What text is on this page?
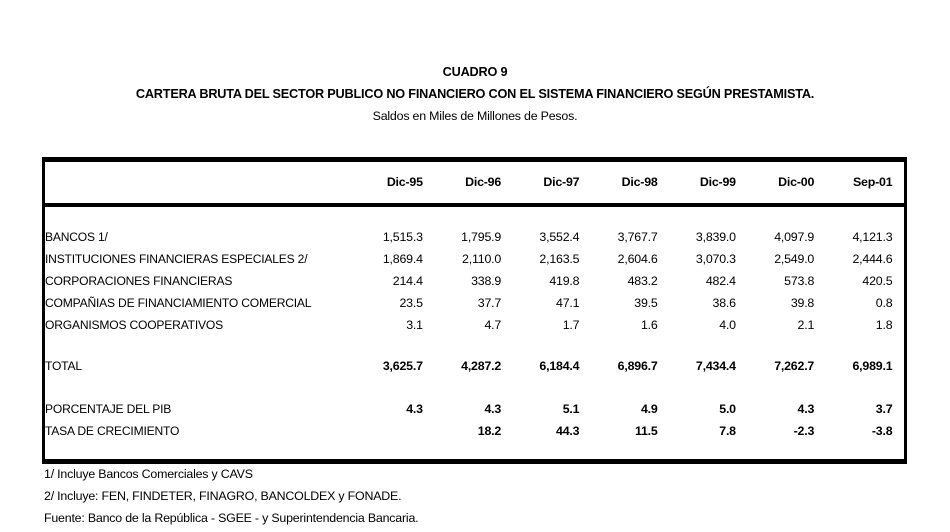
CUADRO 9
CARTERA BRUTA DEL SECTOR PUBLICO NO FINANCIERO CON EL SISTEMA FINANCIERO SEGÚN PRESTAMISTA.
Saldos en Miles de Millones de Pesos.
	Dic-95	Dic-96	Dic-97	Dic-98	Dic-99	Dic-00	Sep-01	

BANCOS 1/	1,515.3	1,795.9	3,552.4	3,767.7	3,839.0	4,097.9	4,121.3	
INSTITUCIONES FINANCIERAS ESPECIALES 2/	1,869.4	2,110.0	2,163.5	2,604.6	3,070.3	2,549.0	2,444.6	
CORPORACIONES FINANCIERAS	214.4	338.9	419.8	483.2	482.4	573.8	420.5	
COMPAÑIAS DE FINANCIAMIENTO COMERCIAL	23.5	37.7	47.1	39.5	38.6	39.8	0.8	
ORGANISMOS COOPERATIVOS	3.1	4.7	1.7	1.6	4.0	2.1	1.8	

TOTAL	3,625.7	4,287.2	6,184.4	6,896.7	7,434.4	7,262.7	6,989.1	

PORCENTAJE DEL PIB	4.3	4.3	5.1	4.9	5.0	4.3	3.7	
TASA DE CRECIMIENTO		18.2	44.3	11.5	7.8	-2.3	-3.8	

1/ Incluye Bancos Comerciales y CAVS
2/ Incluye: FEN, FINDETER, FINAGRO, BANCOLDEX y FONADE.
Fuente: Banco de la República - SGEE - y Superintendencia Bancaria.
